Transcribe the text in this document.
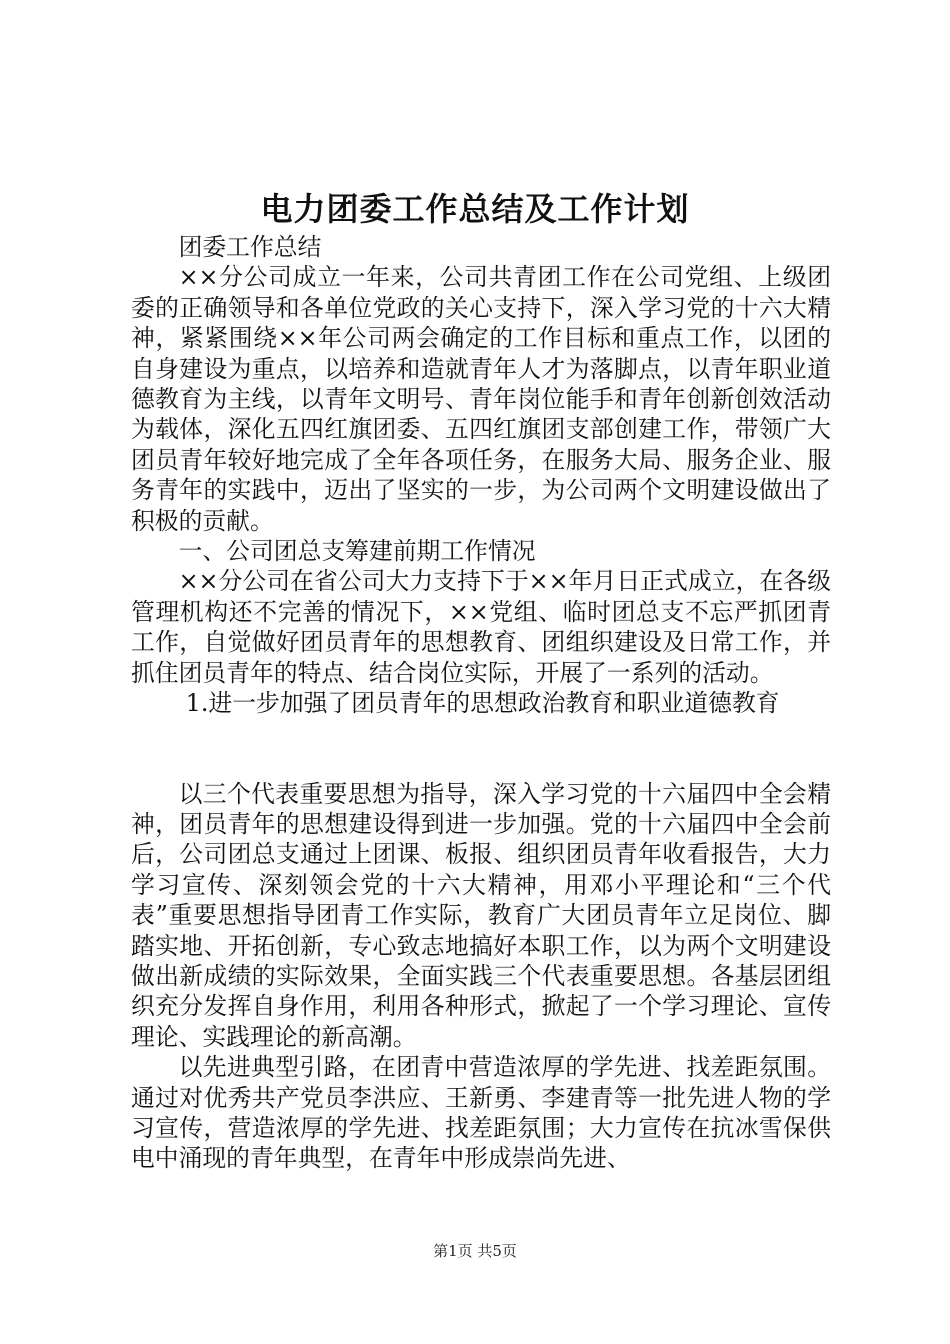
电力团委工作总结及工作计划

团委工作总结

××分公司成立一年来，公司共青团工作在公司党组、上级团委的正确领导和各单位党政的关心支持下，深入学习党的十六大精神，紧紧围绕××年公司两会确定的工作目标和重点工作，以团的自身建设为重点，以培养和造就青年人才为落脚点，以青年职业道德教育为主线，以青年文明号、青年岗位能手和青年创新创效活动为载体，深化五四红旗团委、五四红旗团支部创建工作，带领广大团员青年较好地完成了全年各项任务，在服务大局、服务企业、服务青年的实践中，迈出了坚实的一步，为公司两个文明建设做出了积极的贡献。

一、公司团总支筹建前期工作情况

××分公司在省公司大力支持下于××年月日正式成立，在各级管理机构还不完善的情况下，××党组、临时团总支不忘严抓团青工作，自觉做好团员青年的思想教育、团组织建设及日常工作，并抓住团员青年的特点、结合岗位实际，开展了一系列的活动。

1.进一步加强了团员青年的思想政治教育和职业道德教育

以三个代表重要思想为指导，深入学习党的十六届四中全会精神，团员青年的思想建设得到进一步加强。党的十六届四中全会前后，公司团总支通过上团课、板报、组织团员青年收看报告，大力学习宣传、深刻领会党的十六大精神，用邓小平理论和“三个代表”重要思想指导团青工作实际，教育广大团员青年立足岗位、脚踏实地、开拓创新，专心致志地搞好本职工作，以为两个文明建设做出新成绩的实际效果，全面实践三个代表重要思想。各基层团组织充分发挥自身作用，利用各种形式，掀起了一个学习理论、宣传理论、实践理论的新高潮。

以先进典型引路，在团青中营造浓厚的学先进、找差距氛围。通过对优秀共产党员李洪应、王新勇、李建青等一批先进人物的学习宣传，营造浓厚的学先进、找差距氛围；大力宣传在抗冰雪保供电中涌现的青年典型，在青年中形成崇尚先进、

第1页 共5页
